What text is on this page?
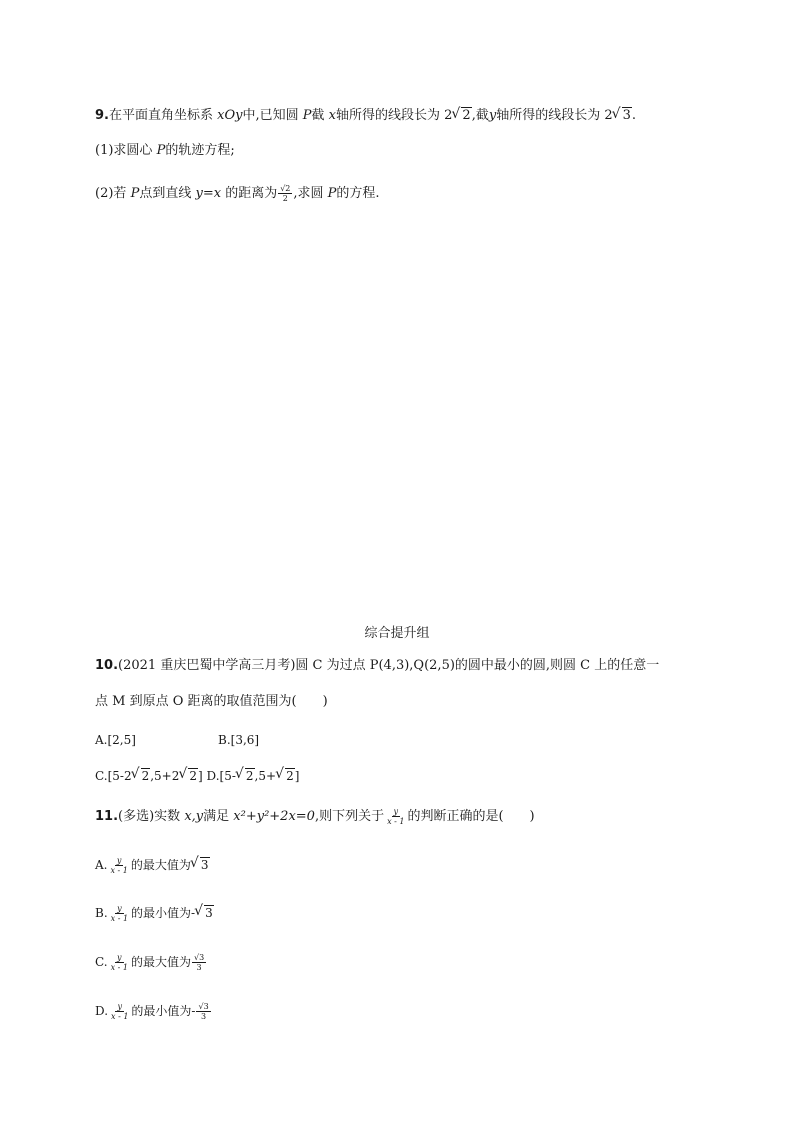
9.在平面直角坐标系 xOy中,已知圆 P截 x轴所得的线段长为 2 √ 2,截y轴所得的线段长为 2 √ 3.
(1)求圆心 P的轨迹方程;
(2)若 P点到直线 y=x 的距离为 $\frac{√2}{2}$ ,求圆 P的方程.
综合提升组
10.(2021 重庆巴蜀中学高三月考)圆 C 为过点 P(4,3),Q(2,5)的圆中最小的圆,则圆 C 上的任意一
点 M 到原点 O 距离的取值范围为(　　)
A.[2,5]	B.[3,6]
C.[5-2 √ 2,5+2 √ 2] D.[5- √ 2,5+ √ 2]
11.(多选)实数 x,y满足 x²+y²+2x=0,则下列关于 $\frac{y}{x - 1}$ 的判断正确的是(　　)
A. $\frac{y}{x - 1}$ 的最大值为 √ 3
B. $\frac{y}{x - 1}$ 的最小值为- √ 3
C. $\frac{y}{x - 1}$ 的最大值为 $\frac{√3}{3}$
D. $\frac{y}{x - 1}$ 的最小值为- $\frac{√3}{3}$
